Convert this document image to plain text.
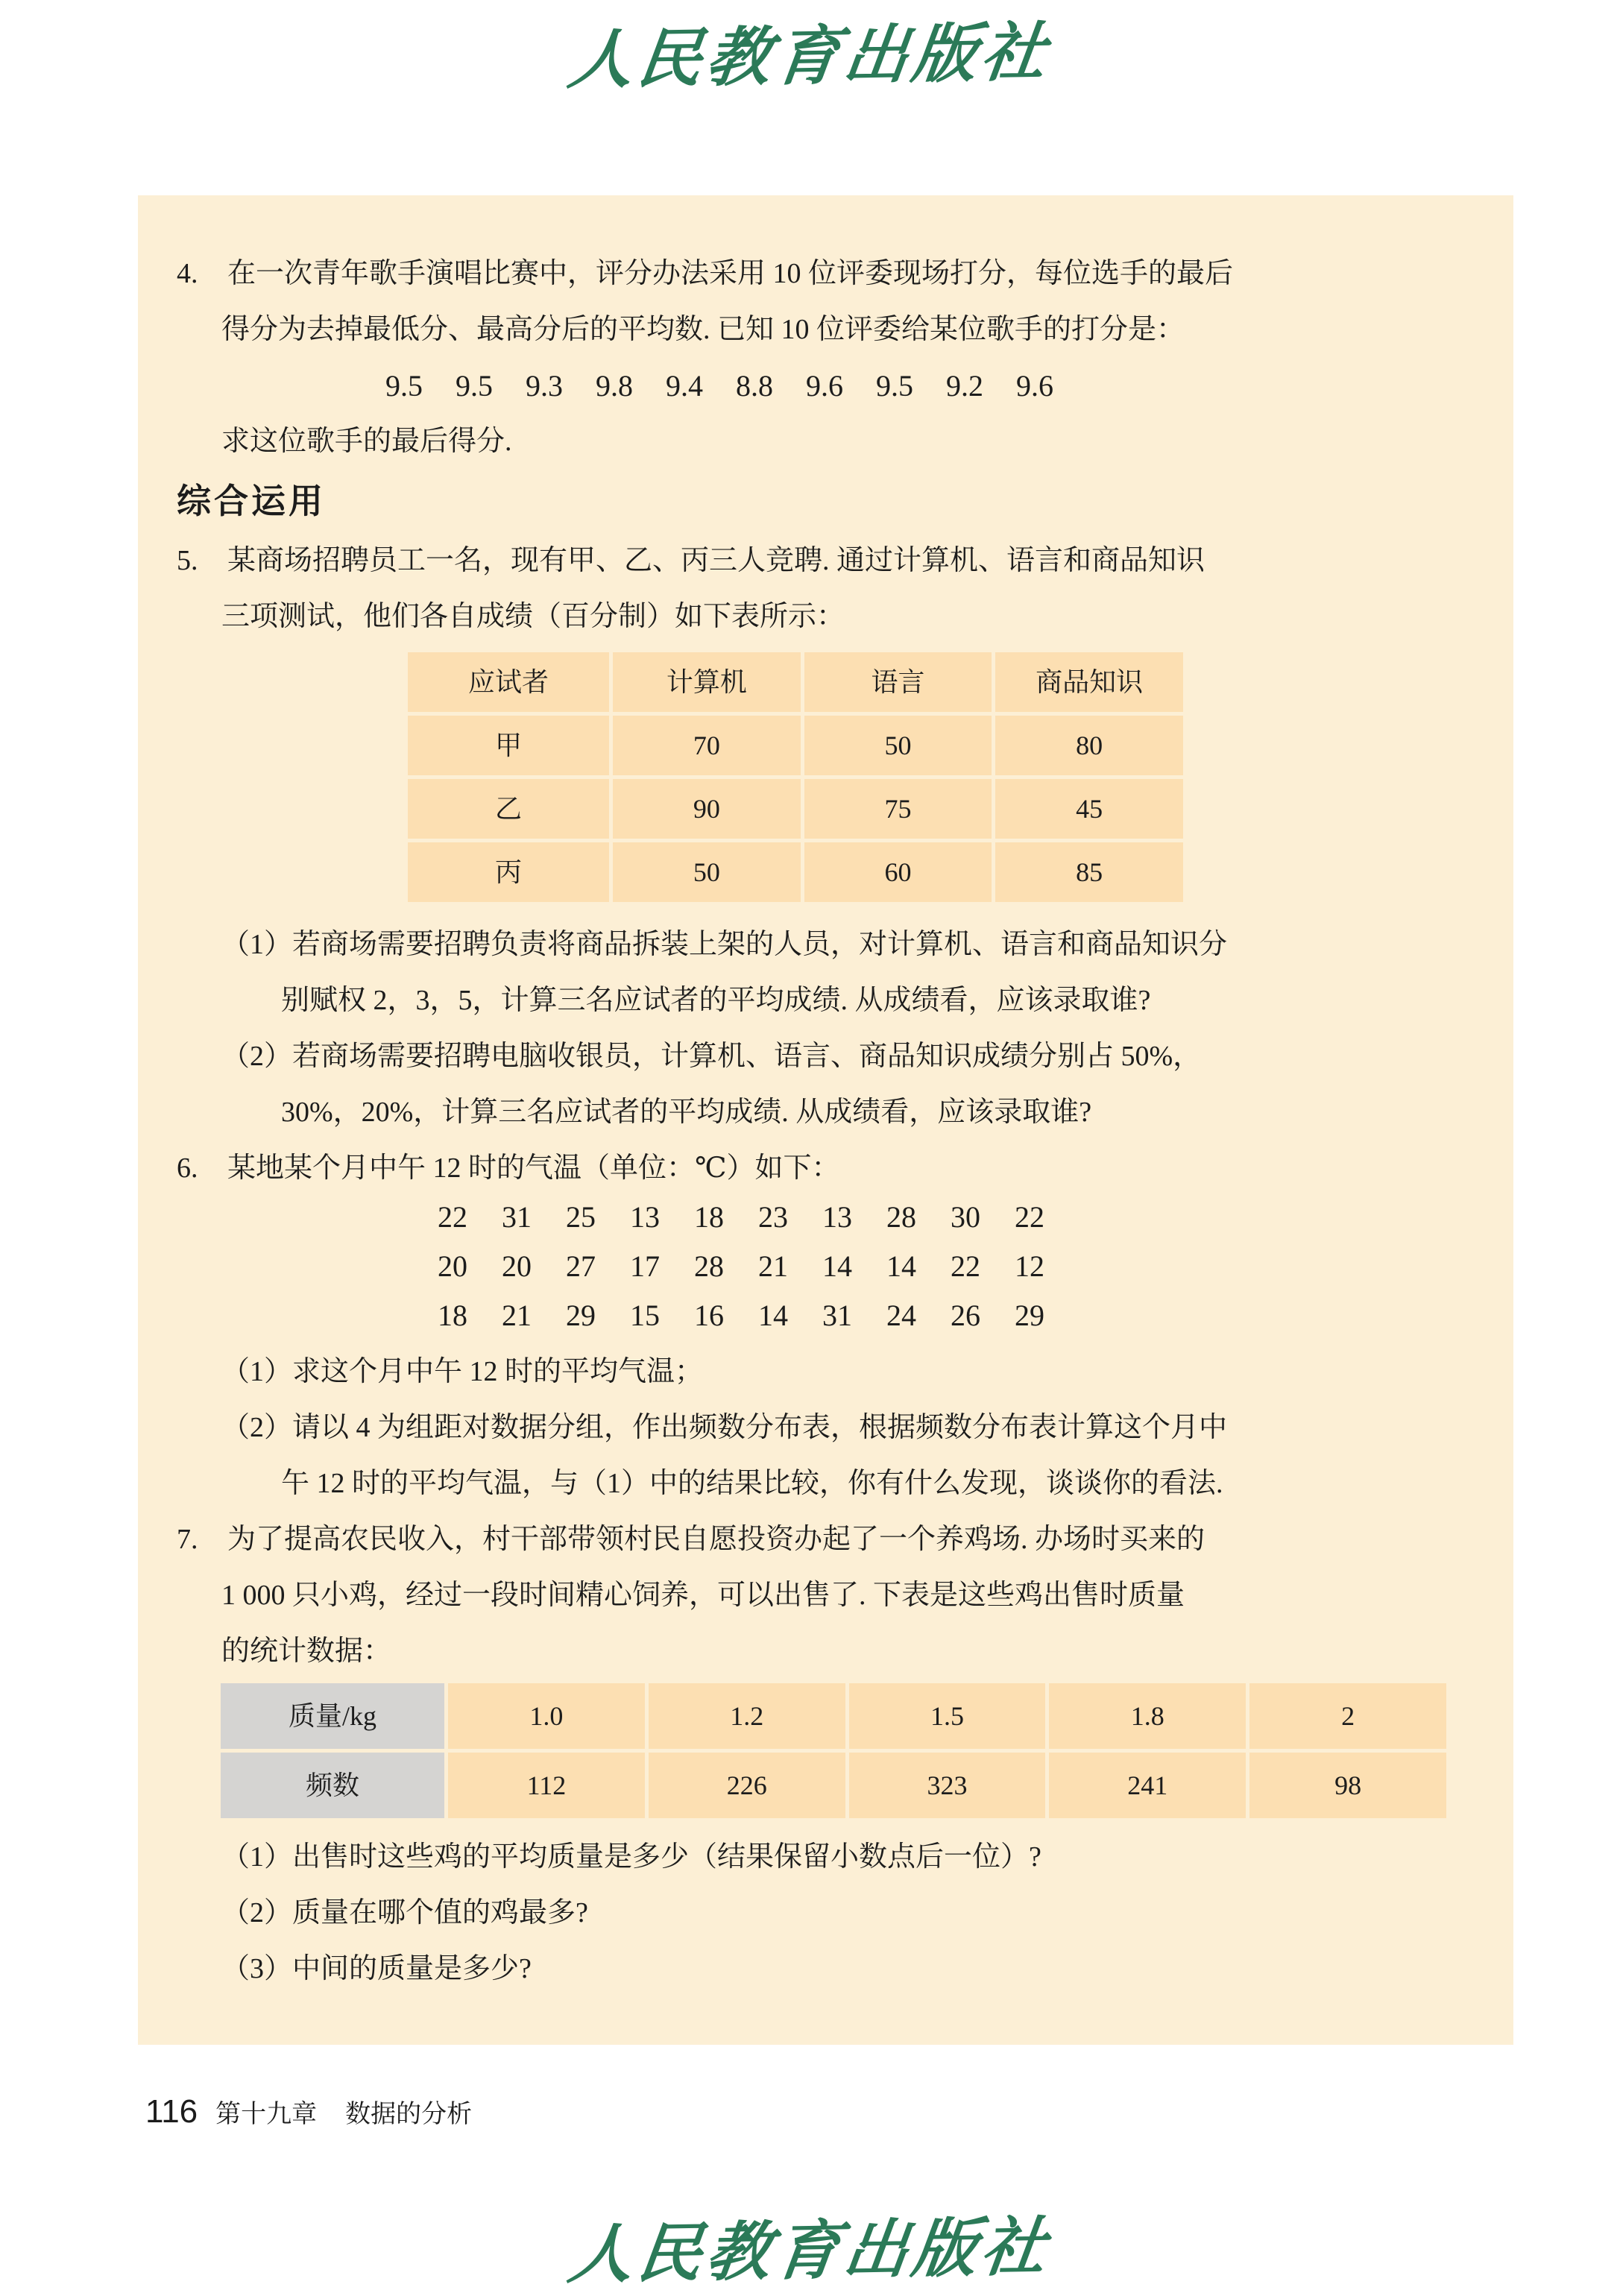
人民教育出版社
4. 在一次青年歌手演唱比赛中，评分办法采用 10 位评委现场打分，每位选手的最后
得分为去掉最低分、最高分后的平均数. 已知 10 位评委给某位歌手的打分是：
9.5 9.5 9.3 9.8 9.4 8.8 9.6 9.5 9.2 9.6
求这位歌手的最后得分.
综合运用
5. 某商场招聘员工一名，现有甲、乙、丙三人竞聘. 通过计算机、语言和商品知识
三项测试，他们各自成绩（百分制）如下表所示：
应试者	计算机	语言	商品知识
甲	70	50	80
乙	90	75	45
丙	50	60	85
（1）若商场需要招聘负责将商品拆装上架的人员，对计算机、语言和商品知识分
别赋权 2，3，5，计算三名应试者的平均成绩. 从成绩看，应该录取谁?
（2）若商场需要招聘电脑收银员，计算机、语言、商品知识成绩分别占 50%，
30%，20%，计算三名应试者的平均成绩. 从成绩看，应该录取谁?
6. 某地某个月中午 12 时的气温（单位：℃）如下：
22 31 25 13 18 23 13 28 30 22
20 20 27 17 28 21 14 14 22 12
18 21 29 15 16 14 31 24 26 29
（1）求这个月中午 12 时的平均气温；
（2）请以 4 为组距对数据分组，作出频数分布表，根据频数分布表计算这个月中
午 12 时的平均气温，与（1）中的结果比较，你有什么发现，谈谈你的看法.
7. 为了提高农民收入，村干部带领村民自愿投资办起了一个养鸡场. 办场时买来的
1 000 只小鸡，经过一段时间精心饲养，可以出售了. 下表是这些鸡出售时质量
的统计数据：
质量/kg	1.0	1.2	1.5	1.8	2
频数	112	226	323	241	98
（1）出售时这些鸡的平均质量是多少（结果保留小数点后一位）?
（2）质量在哪个值的鸡最多?
（3）中间的质量是多少?
116 第十九章 数据的分析
人民教育出版社
